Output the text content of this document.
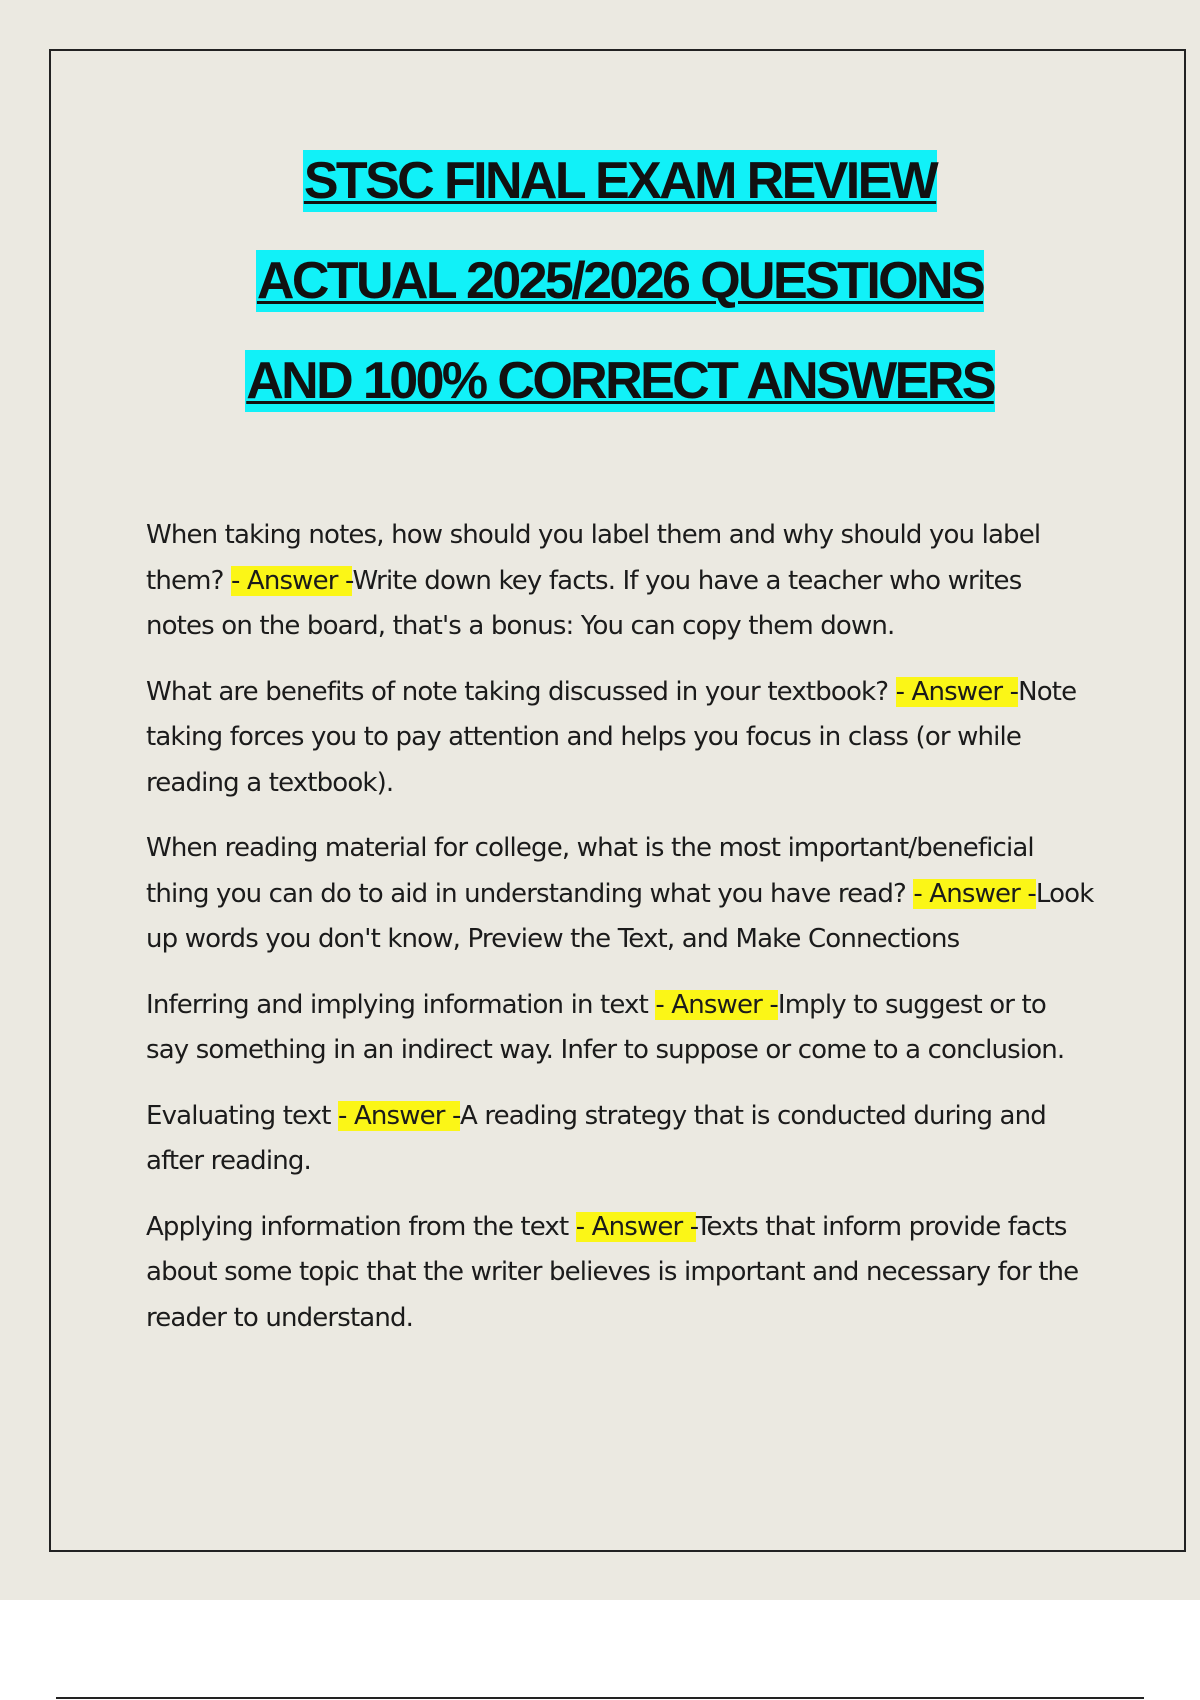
STSC FINAL EXAM REVIEW
ACTUAL 2025/2026 QUESTIONS
AND 100% CORRECT ANSWERS

When taking notes, how should you label them and why should you label them? - Answer -Write down key facts. If you have a teacher who writes notes on the board, that's a bonus: You can copy them down.

What are benefits of note taking discussed in your textbook? - Answer -Note taking forces you to pay attention and helps you focus in class (or while reading a textbook).

When reading material for college, what is the most important/beneficial thing you can do to aid in understanding what you have read? - Answer -Look up words you don't know, Preview the Text, and Make Connections

Inferring and implying information in text - Answer -Imply to suggest or to say something in an indirect way. Infer to suppose or come to a conclusion.

Evaluating text - Answer -A reading strategy that is conducted during and after reading.

Applying information from the text - Answer -Texts that inform provide facts about some topic that the writer believes is important and necessary for the reader to understand.
